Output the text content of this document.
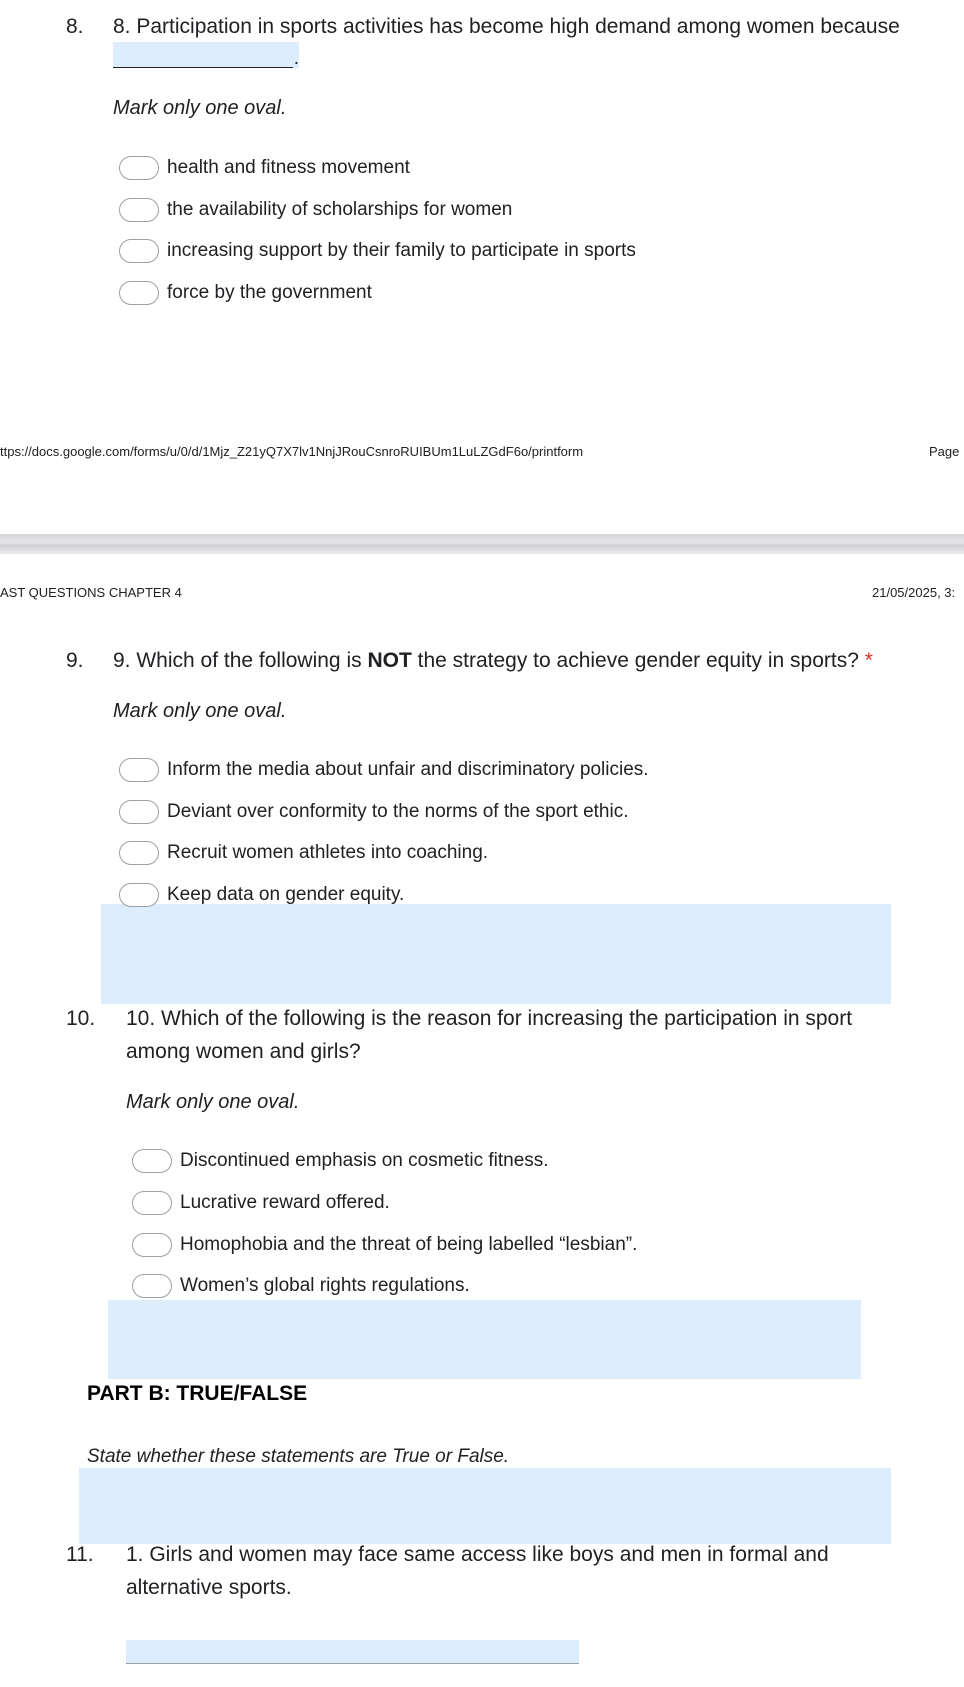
8. 8. Participation in sports activities has become high demand among women because
.
Mark only one oval.
health and fitness movement
the availability of scholarships for women
increasing support by their family to participate in sports
force by the government
ttps://docs.google.com/forms/u/0/d/1Mjz_Z21yQ7X7lv1NnjJRouCsnroRUIBUm1LuLZGdF6o/printform	Page
AST QUESTIONS CHAPTER 4	21/05/2025, 3:
9. 9. Which of the following is NOT the strategy to achieve gender equity in sports? *
Mark only one oval.
Inform the media about unfair and discriminatory policies.
Deviant over conformity to the norms of the sport ethic.
Recruit women athletes into coaching.
Keep data on gender equity.
10. 10. Which of the following is the reason for increasing the participation in sport
among women and girls?
Mark only one oval.
Discontinued emphasis on cosmetic fitness.
Lucrative reward offered.
Homophobia and the threat of being labelled “lesbian”.
Women’s global rights regulations.
PART B: TRUE/FALSE
State whether these statements are True or False.
11. 1. Girls and women may face same access like boys and men in formal and
alternative sports.
